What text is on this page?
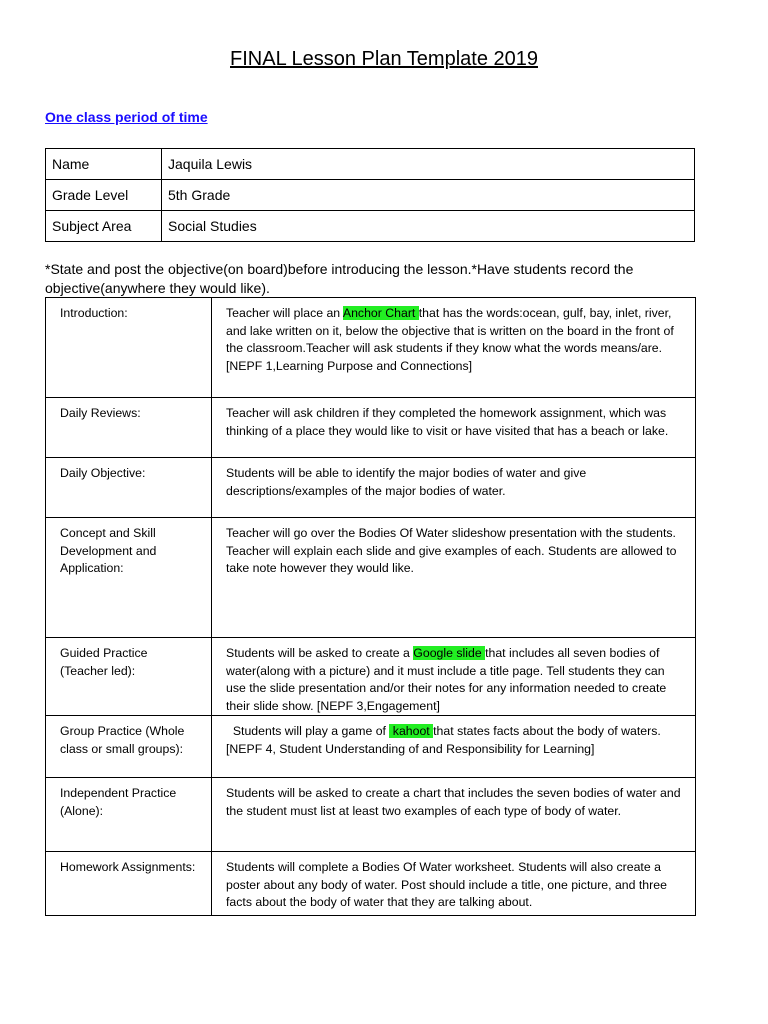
FINAL Lesson Plan Template 2019
One class period of time
Name	Jaquila Lewis
Grade Level	5th Grade
Subject Area	Social Studies
*State and post the objective(on board)before introducing the lesson.*Have students record the objective(anywhere they would like).
Introduction:	Teacher will place an Anchor Chart that has the words:ocean, gulf, bay, inlet, river, and lake written on it, below the objective that is written on the board in the front of the classroom.Teacher will ask students if they know what the words means/are.[NEPF 1,Learning Purpose and Connections]
Daily Reviews:	Teacher will ask children if they completed the homework assignment, which was thinking of a place they would like to visit or have visited that has a beach or lake.
Daily Objective:	Students will be able to identify the major bodies of water and give descriptions/examples of the major bodies of water.
Concept and Skill Development and Application:	Teacher will go over the Bodies Of Water slideshow presentation with the students.
Teacher will explain each slide and give examples of each. Students are allowed to take note however they would like.

Guided Practice (Teacher led):	Students will be asked to create a Google slide that includes all seven bodies of water(along with a picture) and it must include a title page. Tell students they can use the slide presentation and/or their notes for any information needed to create their slide show. [NEPF 3,Engagement]
Group Practice (Whole class or small groups):	Students will play a game of  kahoot that states facts about the body of waters. [NEPF 4, Student Understanding of and Responsibility for Learning]
Independent Practice (Alone):	Students will be asked to create a chart that includes the seven bodies of water and the student must list at least two examples of each type of body of water.
Homework Assignments:	Students will complete a Bodies Of Water worksheet. Students will also create a poster about any body of water. Post should include a title, one picture, and three facts about the body of water that they are talking about.
